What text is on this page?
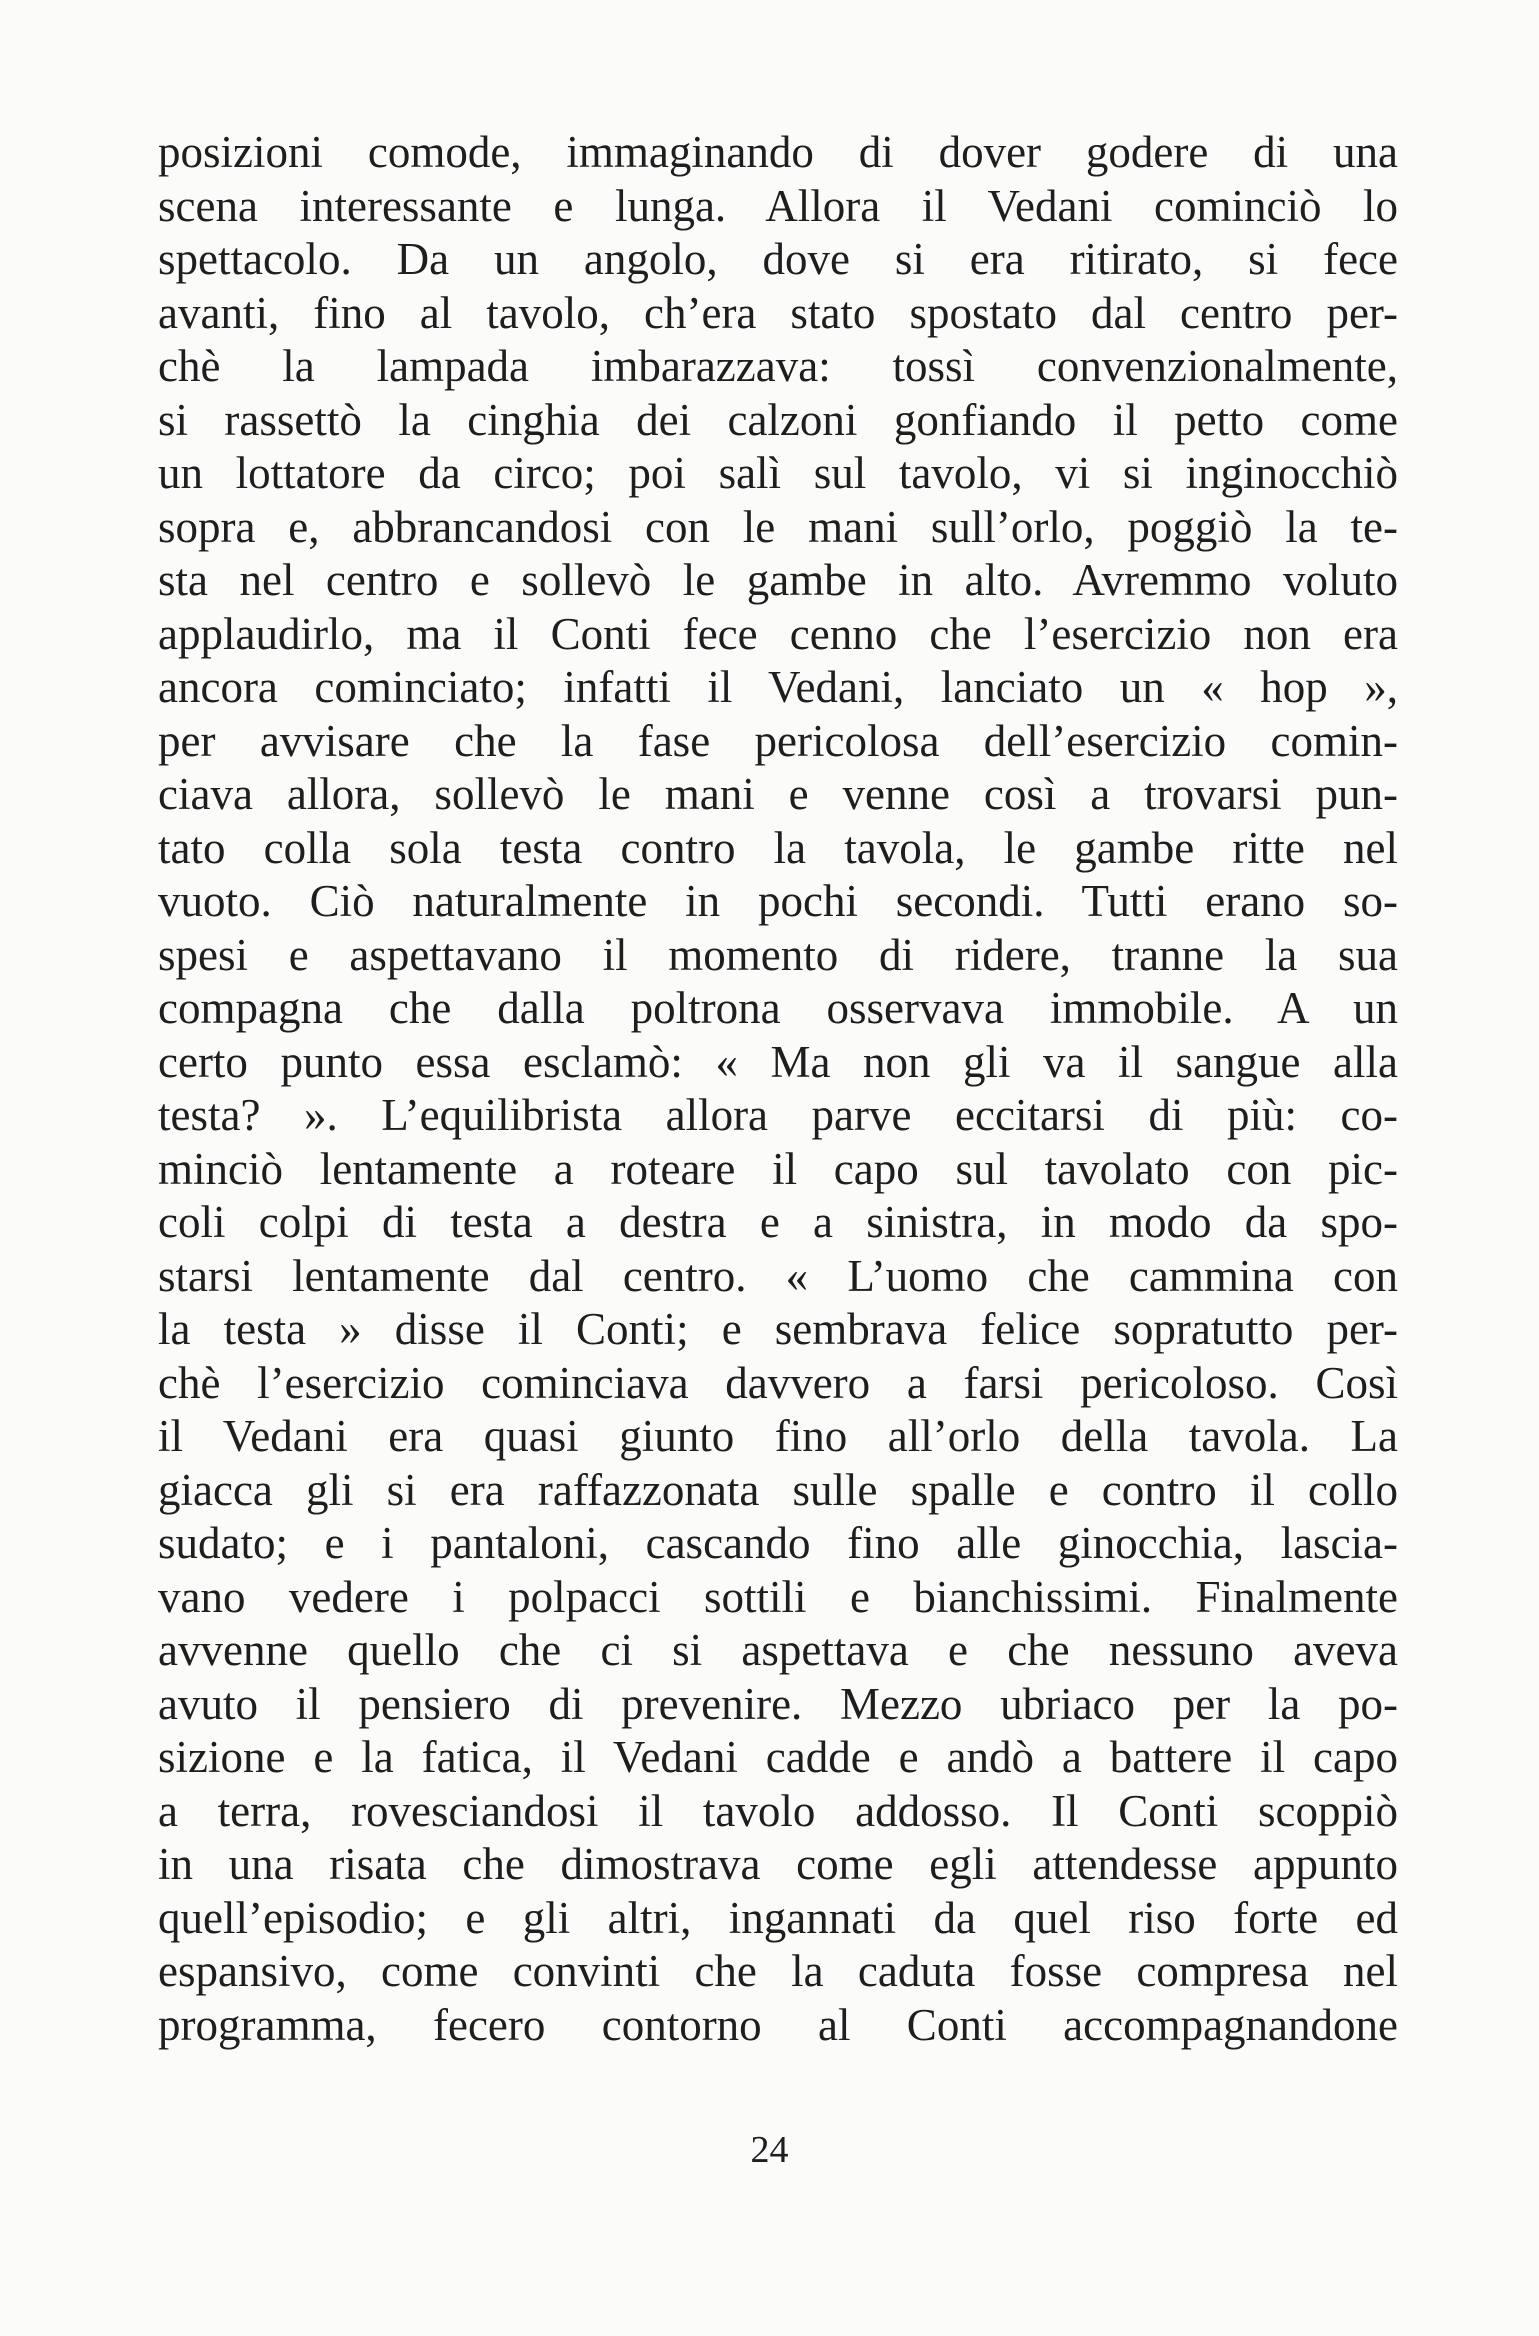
posizioni comode, immaginando di dover godere di una
scena interessante e lunga. Allora il Vedani cominciò lo
spettacolo. Da un angolo, dove si era ritirato, si fece
avanti, fino al tavolo, ch’era stato spostato dal centro per-
chè la lampada imbarazzava: tossì convenzionalmente,
si rassettò la cinghia dei calzoni gonfiando il petto come
un lottatore da circo; poi salì sul tavolo, vi si inginocchiò
sopra e, abbrancandosi con le mani sull’orlo, poggiò la te-
sta nel centro e sollevò le gambe in alto. Avremmo voluto
applaudirlo, ma il Conti fece cenno che l’esercizio non era
ancora cominciato; infatti il Vedani, lanciato un « hop »,
per avvisare che la fase pericolosa dell’esercizio comin-
ciava allora, sollevò le mani e venne così a trovarsi pun-
tato colla sola testa contro la tavola, le gambe ritte nel
vuoto. Ciò naturalmente in pochi secondi. Tutti erano so-
spesi e aspettavano il momento di ridere, tranne la sua
compagna che dalla poltrona osservava immobile. A un
certo punto essa esclamò: « Ma non gli va il sangue alla
testa? ». L’equilibrista allora parve eccitarsi di più: co-
minciò lentamente a roteare il capo sul tavolato con pic-
coli colpi di testa a destra e a sinistra, in modo da spo-
starsi lentamente dal centro. « L’uomo che cammina con
la testa » disse il Conti; e sembrava felice sopratutto per-
chè l’esercizio cominciava davvero a farsi pericoloso. Così
il Vedani era quasi giunto fino all’orlo della tavola. La
giacca gli si era raffazzonata sulle spalle e contro il collo
sudato; e i pantaloni, cascando fino alle ginocchia, lascia-
vano vedere i polpacci sottili e bianchissimi. Finalmente
avvenne quello che ci si aspettava e che nessuno aveva
avuto il pensiero di prevenire. Mezzo ubriaco per la po-
sizione e la fatica, il Vedani cadde e andò a battere il capo
a terra, rovesciandosi il tavolo addosso. Il Conti scoppiò
in una risata che dimostrava come egli attendesse appunto
quell’episodio; e gli altri, ingannati da quel riso forte ed
espansivo, come convinti che la caduta fosse compresa nel
programma, fecero contorno al Conti accompagnandone
24
